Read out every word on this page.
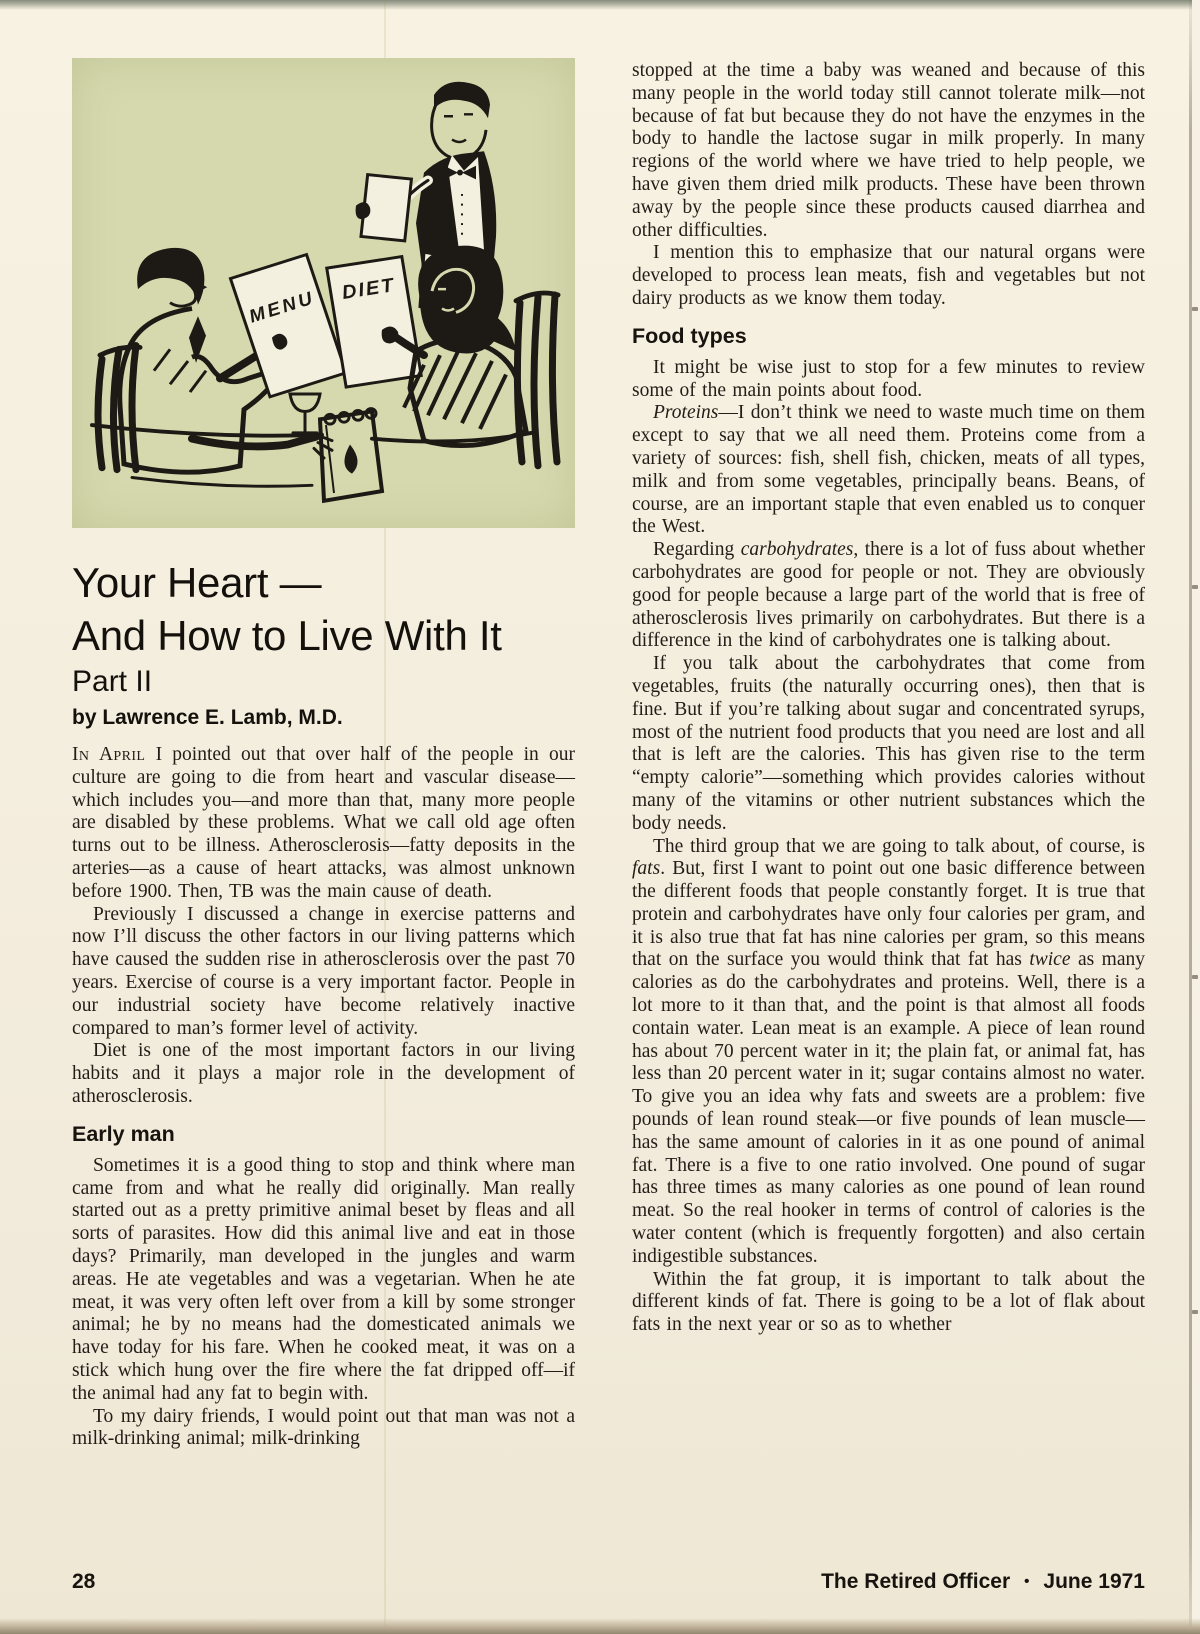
MENU DIET
Your Heart —
And How to Live With It
Part II
by Lawrence E. Lamb, M.D.

In April I pointed out that over half of the people in our culture are going to die from heart and vascular disease—which includes you—and more than that, many more people are disabled by these problems. What we call old age often turns out to be illness. Atherosclerosis—fatty deposits in the arteries—as a cause of heart attacks, was almost unknown before 1900. Then, TB was the main cause of death.

Previously I discussed a change in exercise patterns and now I’ll discuss the other factors in our living patterns which have caused the sudden rise in atherosclerosis over the past 70 years. Exercise of course is a very important factor. People in our industrial society have become relatively inactive compared to man’s former level of activity.

Diet is one of the most important factors in our living habits and it plays a major role in the development of atherosclerosis.

Early man

Sometimes it is a good thing to stop and think where man came from and what he really did originally. Man really started out as a pretty primitive animal beset by fleas and all sorts of parasites. How did this animal live and eat in those days? Primarily, man developed in the jungles and warm areas. He ate vegetables and was a vegetarian. When he ate meat, it was very often left over from a kill by some stronger animal; he by no means had the domesticated animals we have today for his fare. When he cooked meat, it was on a stick which hung over the fire where the fat dripped off—if the animal had any fat to begin with.

To my dairy friends, I would point out that man was not a milk-drinking animal; milk-drinking

stopped at the time a baby was weaned and because of this many people in the world today still cannot tolerate milk—not because of fat but because they do not have the enzymes in the body to handle the lactose sugar in milk properly. In many regions of the world where we have tried to help people, we have given them dried milk products. These have been thrown away by the people since these products caused diarrhea and other difficulties.

I mention this to emphasize that our natural organs were developed to process lean meats, fish and vegetables but not dairy products as we know them today.

Food types

It might be wise just to stop for a few minutes to review some of the main points about food.

Proteins—I don’t think we need to waste much time on them except to say that we all need them. Proteins come from a variety of sources: fish, shell fish, chicken, meats of all types, milk and from some vegetables, principally beans. Beans, of course, are an important staple that even enabled us to conquer the West.

Regarding carbohydrates, there is a lot of fuss about whether carbohydrates are good for people or not. They are obviously good for people because a large part of the world that is free of atherosclerosis lives primarily on carbohydrates. But there is a difference in the kind of carbohydrates one is talking about.

If you talk about the carbohydrates that come from vegetables, fruits (the naturally occurring ones), then that is fine. But if you’re talking about sugar and concentrated syrups, most of the nutrient food products that you need are lost and all that is left are the calories. This has given rise to the term “empty calorie”—something which provides calories without many of the vitamins or other nutrient substances which the body needs.

The third group that we are going to talk about, of course, is fats. But, first I want to point out one basic difference between the different foods that people constantly forget. It is true that protein and carbohydrates have only four calories per gram, and it is also true that fat has nine calories per gram, so this means that on the surface you would think that fat has twice as many calories as do the carbohydrates and proteins. Well, there is a lot more to it than that, and the point is that almost all foods contain water. Lean meat is an example. A piece of lean round has about 70 percent water in it; the plain fat, or animal fat, has less than 20 percent water in it; sugar contains almost no water. To give you an idea why fats and sweets are a problem: five pounds of lean round steak—or five pounds of lean muscle—has the same amount of calories in it as one pound of animal fat. There is a five to one ratio involved. One pound of sugar has three times as many calories as one pound of lean round meat. So the real hooker in terms of control of calories is the water content (which is frequently forgotten) and also certain indigestible substances.

Within the fat group, it is important to talk about the different kinds of fat. There is going to be a lot of flak about fats in the next year or so as to whether

28	The Retired Officer • June 1971
